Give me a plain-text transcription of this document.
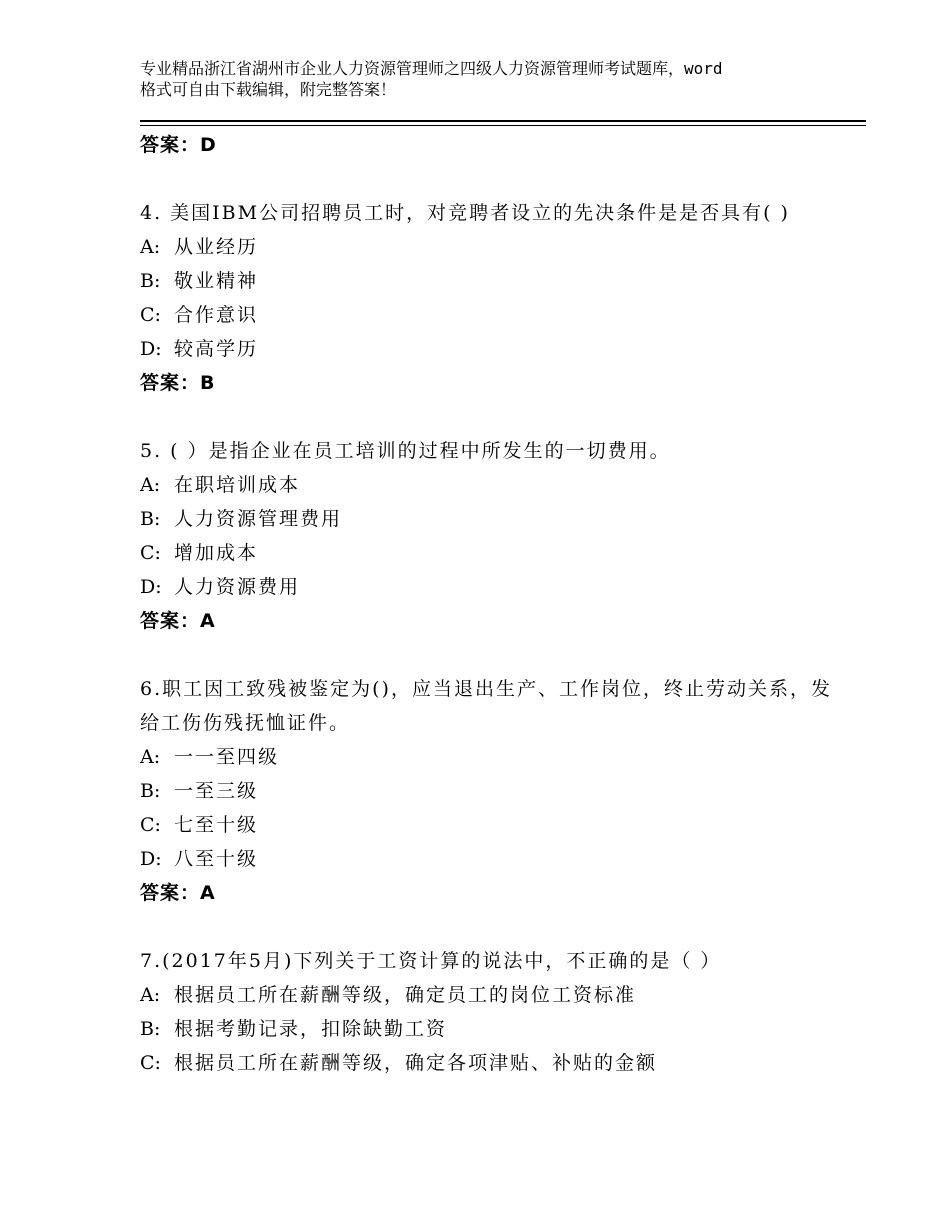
专业精品浙江省湖州市企业人力资源管理师之四级人力资源管理师考试题库，word
格式可自由下载编辑，附完整答案！
答案：D
4. 美国IBM公司招聘员工时，对竞聘者设立的先决条件是是否具有( )
A: 从业经历
B: 敬业精神
C: 合作意识
D: 较高学历
答案：B
5. ( ）是指企业在员工培训的过程中所发生的一切费用。
A: 在职培训成本
B: 人力资源管理费用
C: 增加成本
D: 人力资源费用
答案：A
6.职工因工致残被鉴定为()，应当退出生产、工作岗位，终止劳动关系，发给工伤伤残抚恤证件。
A: 一一至四级
B: 一至三级
C: 七至十级
D: 八至十级
答案：A
7.(2017年5月)下列关于工资计算的说法中，不正确的是（ ）
A: 根据员工所在薪酬等级，确定员工的岗位工资标准
B: 根据考勤记录，扣除缺勤工资
C: 根据员工所在薪酬等级，确定各项津贴、补贴的金额
